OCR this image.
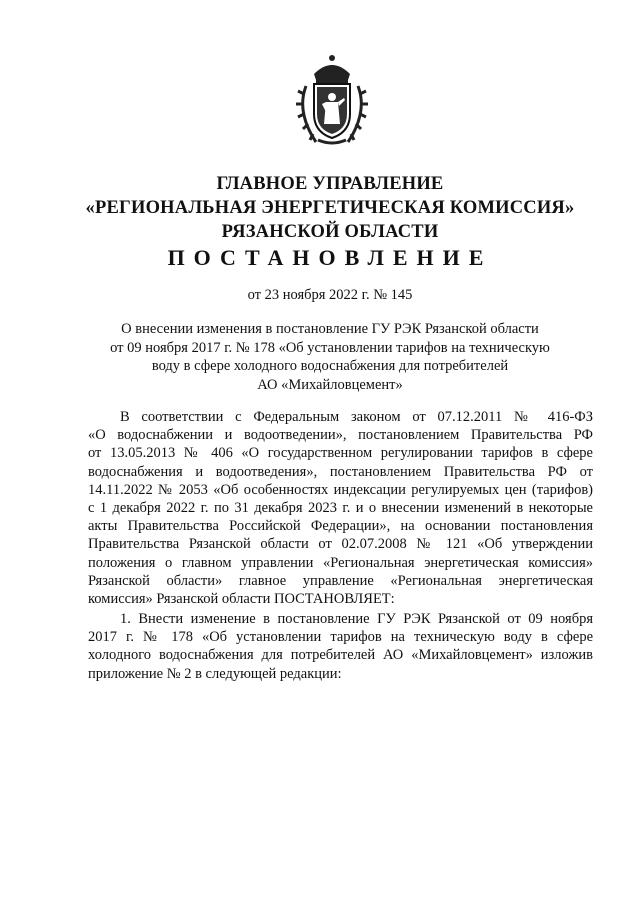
ГЛАВНОЕ УПРАВЛЕНИЕ
«РЕГИОНАЛЬНАЯ ЭНЕРГЕТИЧЕСКАЯ КОМИССИЯ»
РЯЗАНСКОЙ ОБЛАСТИ
ПОСТАНОВЛЕНИЕ
от 23 ноября 2022 г. № 145
О внесении изменения в постановление ГУ РЭК Рязанской области
от 09 ноября 2017 г. № 178 «Об установлении тарифов на техническую
воду в сфере холодного водоснабжения для потребителей
АО «Михайловцемент»
В соответствии с Федеральным законом от 07.12.2011 № 416-ФЗ
«О водоснабжении и водоотведении», постановлением Правительства РФ
от 13.05.2013 № 406 «О государственном регулировании тарифов в сфере
водоснабжения и водоотведения», постановлением Правительства РФ от
14.11.2022 № 2053 «Об особенностях индексации регулируемых цен (тарифов)
с 1 декабря 2022 г. по 31 декабря 2023 г. и о внесении изменений в некоторые
акты Правительства Российской Федерации», на основании постановления
Правительства Рязанской области от 02.07.2008 № 121 «Об утверждении
положения о главном управлении «Региональная энергетическая комиссия»
Рязанской области» главное управление «Региональная энергетическая
комиссия» Рязанской области ПОСТАНОВЛЯЕТ:
1. Внести изменение в постановление ГУ РЭК Рязанской от 09 ноября
2017 г. № 178 «Об установлении тарифов на техническую воду в сфере
холодного водоснабжения для потребителей АО «Михайловцемент» изложив
приложение № 2 в следующей редакции:
